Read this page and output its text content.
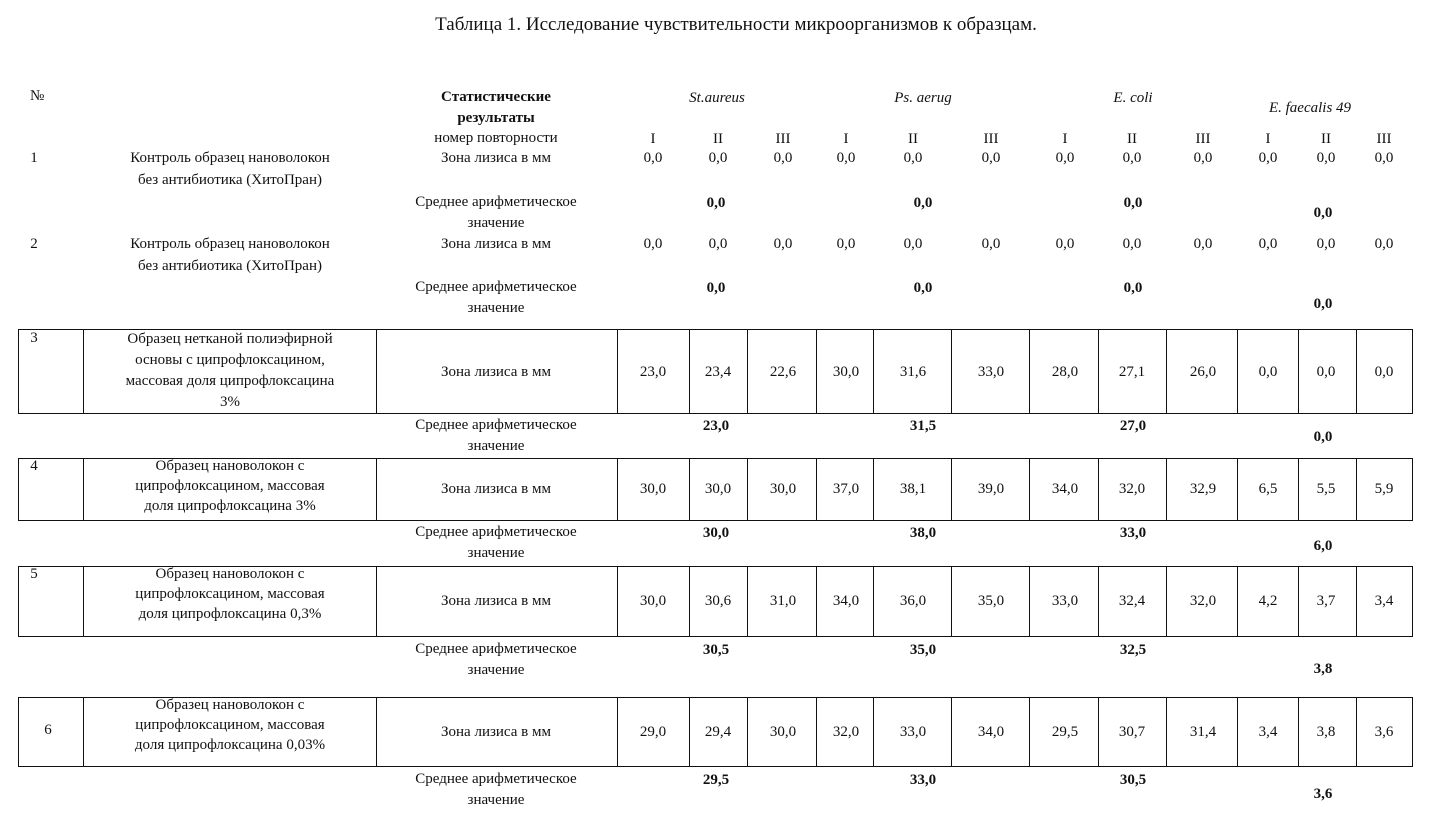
Таблица 1. Исследование чувствительности микроорганизмов к образцам.
№	Статистические
результаты
номер повторности
St.aureus	Ps. aerug	E. coli
E. faecalis 49
I	II	III	I	II	III	I	II	III	I	II	III
1	Контроль образец нановолокон
без антибиотика (ХитоПран)
Зона лизиса в мм	0,0	0,0	0,0	0,0	0,0	0,0	0,0	0,0	0,0	0,0	0,0	0,0
Среднее арифметическое
значение
0,0	0,0	0,0
0,0
2	Контроль образец нановолокон
без антибиотика (ХитоПран)
Зона лизиса в мм	0,0	0,0	0,0	0,0	0,0	0,0	0,0	0,0	0,0	0,0	0,0	0,0
Среднее арифметическое
значение
0,0	0,0	0,0
0,0
3	Образец нетканой полиэфирной
основы с ципрофлоксацином,
массовая доля ципрофлоксацина
3%
Зона лизиса в мм	23,0	23,4	22,6 30,0	31,6	33,0	28,0	27,1	26,0	0,0	0,0	0,0
Среднее арифметическое
значение
23,0	31,5	27,0
0,0
4	Образец нановолокон с
ципрофлоксацином, массовая
доля ципрофлоксацина 3%
Зона лизиса в мм	30,0	30,0	30,0 37,0	38,1	39,0	34,0	32,0	32,9	6,5	5,5	5,9
Среднее арифметическое
значение
30,0	38,0	33,0
6,0
5	Образец нановолокон с
ципрофлоксацином, массовая
доля ципрофлоксацина 0,3%
Зона лизиса в мм	30,0	30,6	31,0 34,0	36,0	35,0	33,0	32,4	32,0	4,2	3,7	3,4
Среднее арифметическое
значение
30,5	35,0	32,5
3,8
6
Образец нановолокон с
ципрофлоксацином, массовая
доля ципрофлоксацина 0,03%
Зона лизиса в мм	29,0	29,4	30,0 32,0	33,0	34,0	29,5	30,7	31,4	3,4	3,8	3,6
Среднее арифметическое
значение
29,5	33,0	30,5
3,6
